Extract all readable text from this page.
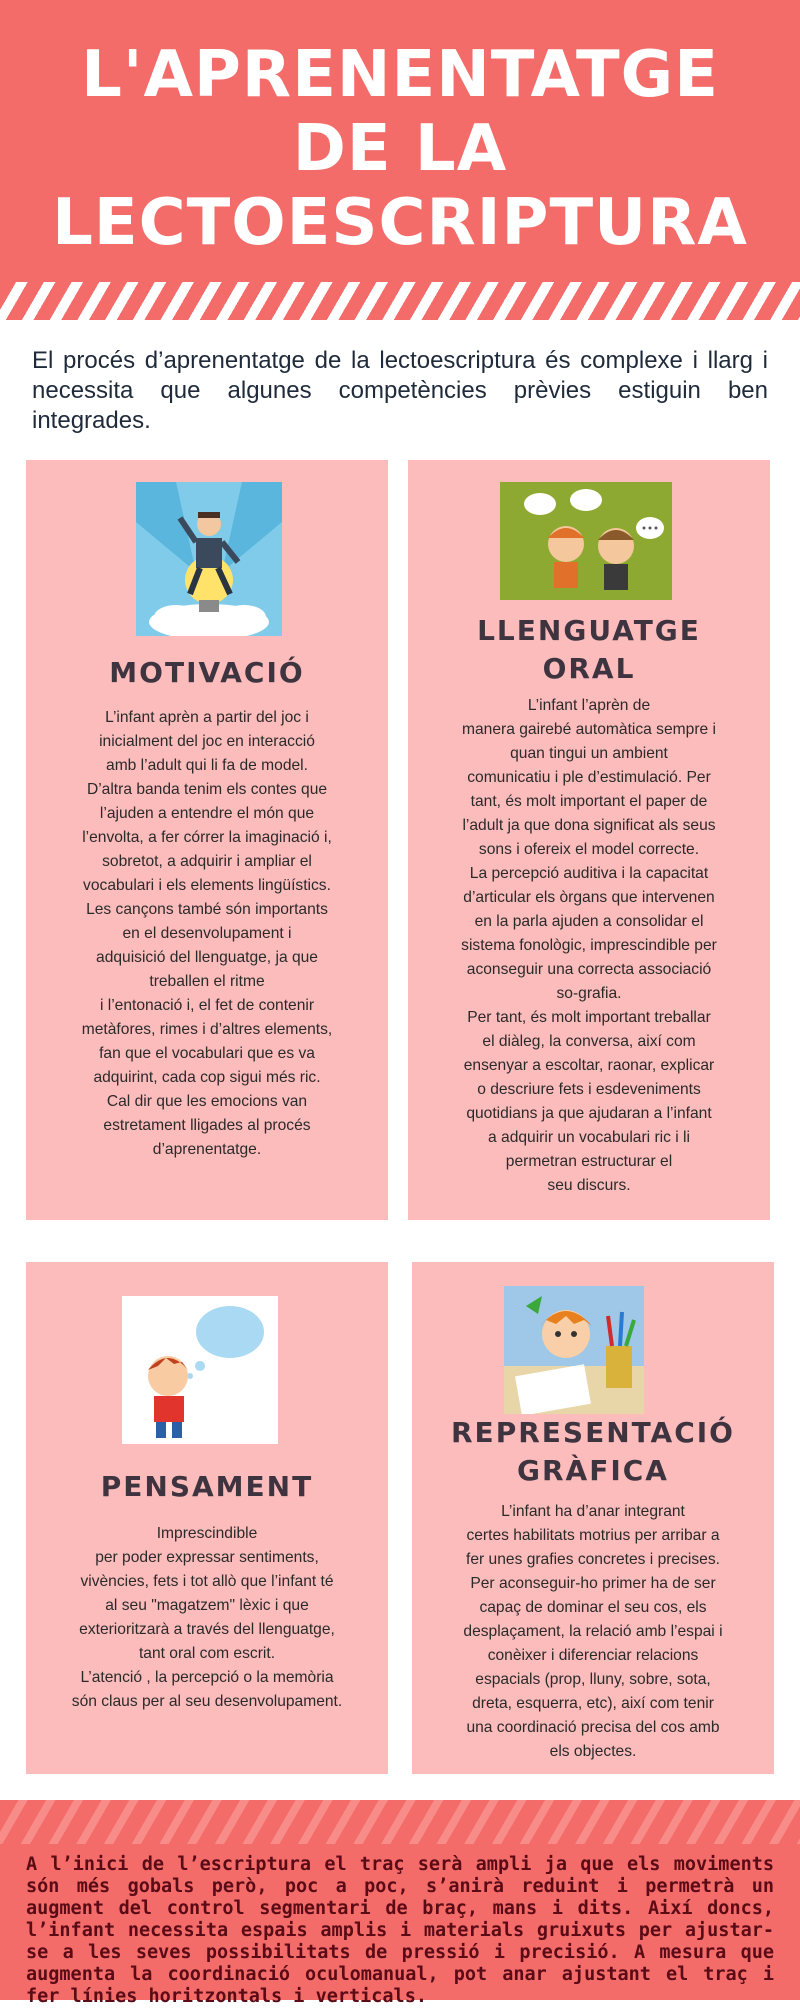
L'APRENENTATGE
DE LA
LECTOESCRIPTURA

El procés d’aprenentatge de la lectoescriptura és complexe i llarg i necessita que algunes competències prèvies estiguin ben integrades.

MOTIVACIÓ
L’infant aprèn a partir del joc i
inicialment del joc en interacció
amb l’adult qui li fa de model.
D’altra banda tenim els contes que
l’ajuden a entendre el món que
l’envolta, a fer córrer la imaginació i,
sobretot, a adquirir i ampliar el
vocabulari i els elements lingüístics.
Les cançons també són importants
en el desenvolupament i
adquisició del llenguatge, ja que
treballen el ritme
i l’entonació i, el fet de contenir
metàfores, rimes i d’altres elements,
fan que el vocabulari que es va
adquirint, cada cop sigui més ric.
Cal dir que les emocions van
estretament lligades al procés
d’aprenentatge.
LLENGUATGE
ORAL
L’infant l’aprèn de
manera gairebé automàtica sempre i
quan tingui un ambient
comunicatiu i ple d’estimulació. Per
tant, és molt important el paper de
l’adult ja que dona significat als seus
sons i ofereix el model correcte.
La percepció auditiva i la capacitat
d’articular els òrgans que intervenen
en la parla ajuden a consolidar el
sistema fonològic, imprescindible per
aconseguir una correcta associació
so-grafia.
Per tant, és molt important treballar
el diàleg, la conversa, així com
ensenyar a escoltar, raonar, explicar
o descriure fets i esdeveniments
quotidians ja que ajudaran a l’infant
a adquirir un vocabulari ric i li
permetran estructurar el
seu discurs.
PENSAMENT
Imprescindible
per poder expressar sentiments,
vivències, fets i tot allò que l’infant té
al seu "magatzem" lèxic i que
exterioritzarà a través del llenguatge,
tant oral com escrit.
L’atenció , la percepció o la memòria
són claus per al seu desenvolupament.
REPRESENTACIÓ
GRÀFICA
L’infant ha d’anar integrant
certes habilitats motrius per arribar a
fer unes grafies concretes i precises.
Per aconseguir-ho primer ha de ser
capaç de dominar el seu cos, els
desplaçament, la relació amb l’espai i
conèixer i diferenciar relacions
espacials (prop, lluny, sobre, sota,
dreta, esquerra, etc), així com tenir
una coordinació precisa del cos amb
els objectes.

A l’inici de l’escriptura el traç serà ampli ja que els moviments són més gobals però, poc a poc, s’anirà reduint i permetrà un augment del control segmentari de braç, mans i dits. Així doncs, l’infant necessita espais amplis i materials gruixuts per ajustar-se a les seves possibilitats de pressió i precisió. A mesura que augmenta la coordinació oculomanual, pot anar ajustant el traç i fer línies horitzontals i verticals.
